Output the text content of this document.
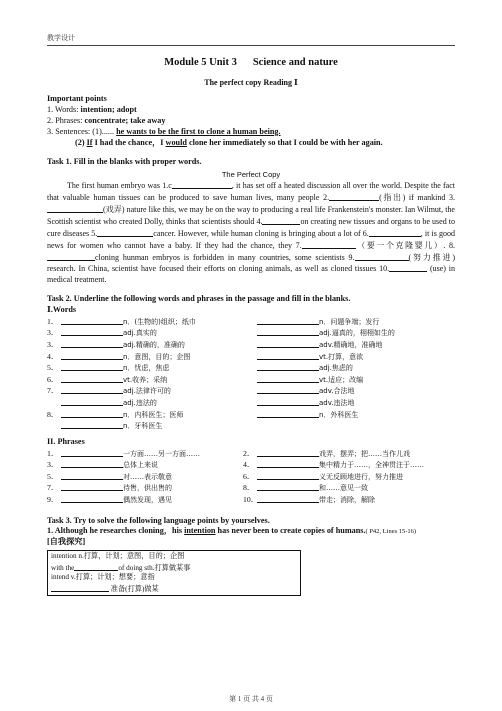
教学设计
Module 5 Unit 3 Science and nature
The perfect copy Reading Ⅰ
Important points
1. Words: intention; adopt
2. Phrases: concentrate; take away
3. Sentences: (1)...... he wants to be the first to clone a human being.
(2) If I had the chance，I would clone her immediately so that I could be with her again.
Task 1. Fill in the blanks with proper words.
The Perfect Copy

The first human embryo was 1.c	, it has set off a heated discussion all over the world. Despite the fact that valuable human tissues can be produced to save human lives, many people 2.	(指出) if mankind 3.(戏弄) nature like this, we may be on the way to producing a real life Frankenstein's monster. Ian Wilmut, the Scottish scientist who created Dolly, thinks that scientists should 4.	on creating new tissues and organs to be used to cure diseases 5.	cancer. However, while human cloning is bringing about a lot of 6.	, it is good news for women who cannot have a baby. If they had the chance, they 7.	（要一个克隆婴儿）. 8.cloning hunman embryos is forbidden in many countries, some scientists 9.	(努力推进) research. In China, scientist have focused their efforts on cloning animals, as well as cloned tissues 10.	(use) in medical treatment.

Task 2. Underline the following words and phrases in the passage and fill in the blanks.
Ⅰ.Words
1．	n．(生物的)组织；纸巾	n．问题争端；发行
3．	adj.真实的	adj.逼真的，栩栩如生的
3．	adj.精确的，准确的	adv.精确地，准确地
4．	n．意图，目的；企图	vt.打算，意欲
5．	n．忧虑，焦虑	adj.焦虑的
6．	vt.收养；采纳	vt.适应；改编
7．	adj.法律许可的	adv.合法地
adj.违法的	adv.违法地
8．	n．内科医生；医师	n．外科医生
n．牙科医生
II. Phrases
1．	一方面……另一方面……	2．	戏弄，摆弄；把……当作儿戏
3．	总体上来说	4．	集中精力于……，全神贯注于……
5．	对……表示敬意	6．	义无反顾地进行，努力推进
7．	待售，供出售的	8．	和……意见一致
9．	偶然发现，遇见	10．	带走；消除，解除
Task 3. Try to solve the following language points by yourselves.
1. Although he researches cloning，his intention has never been to create copies of humans.( P42, Lines 15-16)
[自我探究]
intention n.打算，计划；意图，目的；企图
with the	of doing sth.打算做某事
intend v.打算；计划；想要；意指
准备(打算)做某
第 1 页 共 4 页
